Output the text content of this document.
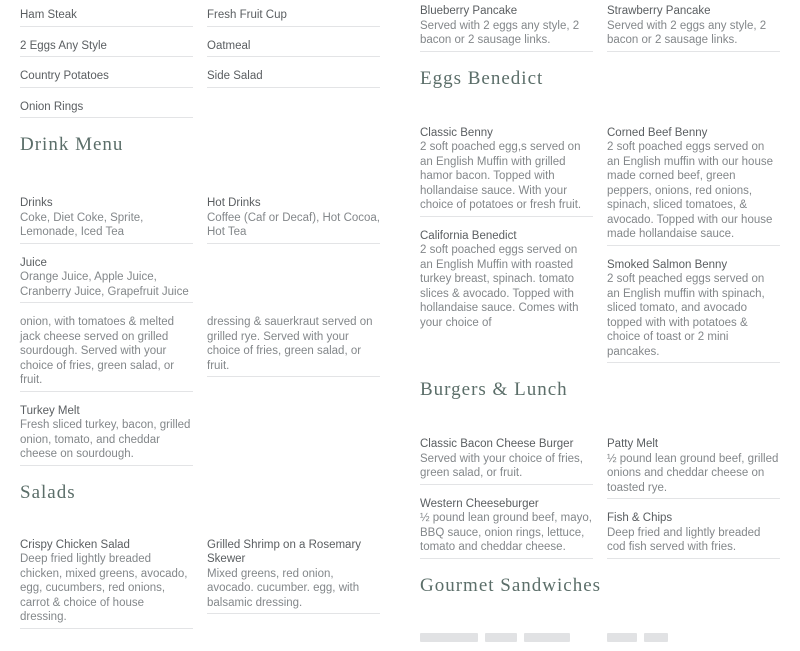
Ham Steak
2 Eggs Any Style
Country Potatoes
Onion Rings
Fresh Fruit Cup
Oatmeal
Side Salad
Drink Menu
Drinks
Coke, Diet Coke, Sprite, Lemonade, Iced Tea
Hot Drinks
Coffee (Caf or Decaf), Hot Cocoa, Hot Tea
Juice
Orange Juice, Apple Juice, Cranberry Juice, Grapefruit Juice
onion, with tomatoes & melted jack cheese served on grilled sourdough. Served with your choice of fries, green salad, or fruit.
dressing & sauerkraut served on grilled rye. Served with your choice of fries, green salad, or fruit.
Turkey Melt
Fresh sliced turkey, bacon, grilled onion, tomato, and cheddar cheese on sourdough.
Salads
Crispy Chicken Salad
Deep fried lightly breaded chicken, mixed greens, avocado, egg, cucumbers, red onions, carrot & choice of house dressing.
Grilled Shrimp on a Rosemary Skewer
Mixed greens, red onion, avocado. cucumber. egg, with balsamic dressing.
Blueberry Pancake
Served with 2 eggs any style, 2 bacon or 2 sausage links.
Strawberry Pancake
Served with 2 eggs any style, 2 bacon or 2 sausage links.
Eggs Benedict
Classic Benny
2 soft poached egg,s served on an English Muffin with grilled hamor bacon. Topped with hollandaise sauce. With your choice of potatoes or fresh fruit.
California Benedict
2 soft poached eggs served on an English Muffin with roasted turkey breast, spinach. tomato slices & avocado. Topped with hollandaise sauce. Comes with your choice of
Corned Beef Benny
2 soft poached eggs served on an English muffin with our house made corned beef, green peppers, onions, red onions, spinach, sliced tomatoes, & avocado. Topped with our house made hollandaise sauce.
Smoked Salmon Benny
2 soft peached eggs served on an English muffin with spinach, sliced tomato, and avocado topped with with potatoes & choice of toast or 2 mini pancakes.
Burgers & Lunch
Classic Bacon Cheese Burger
Served with your choice of fries, green salad, or fruit.
Western Cheeseburger
½ pound lean ground beef, mayo, BBQ sauce, onion rings, lettuce, tomato and cheddar cheese.
Patty Melt
½ pound lean ground beef, grilled onions and cheddar cheese on toasted rye.
Fish & Chips
Deep fried and lightly breaded cod fish served with fries.
Gourmet Sandwiches
